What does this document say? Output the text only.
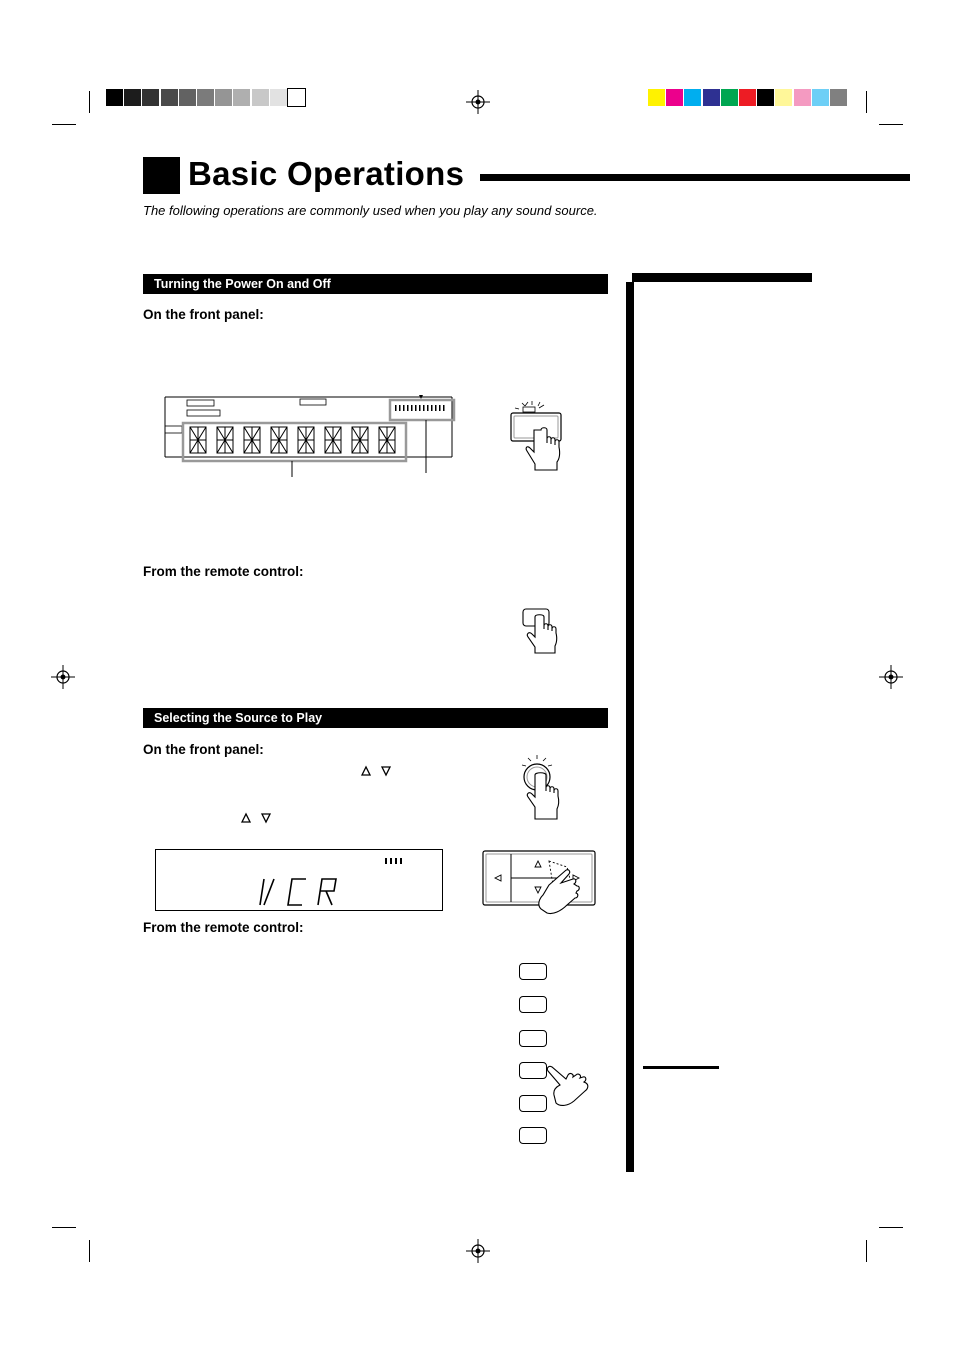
Basic Operations
The following operations are commonly used when you play any sound source.
Turning the Power On and Off
On the front panel:
From the remote control:
Selecting the Source to Play
On the front panel:
From the remote control:
